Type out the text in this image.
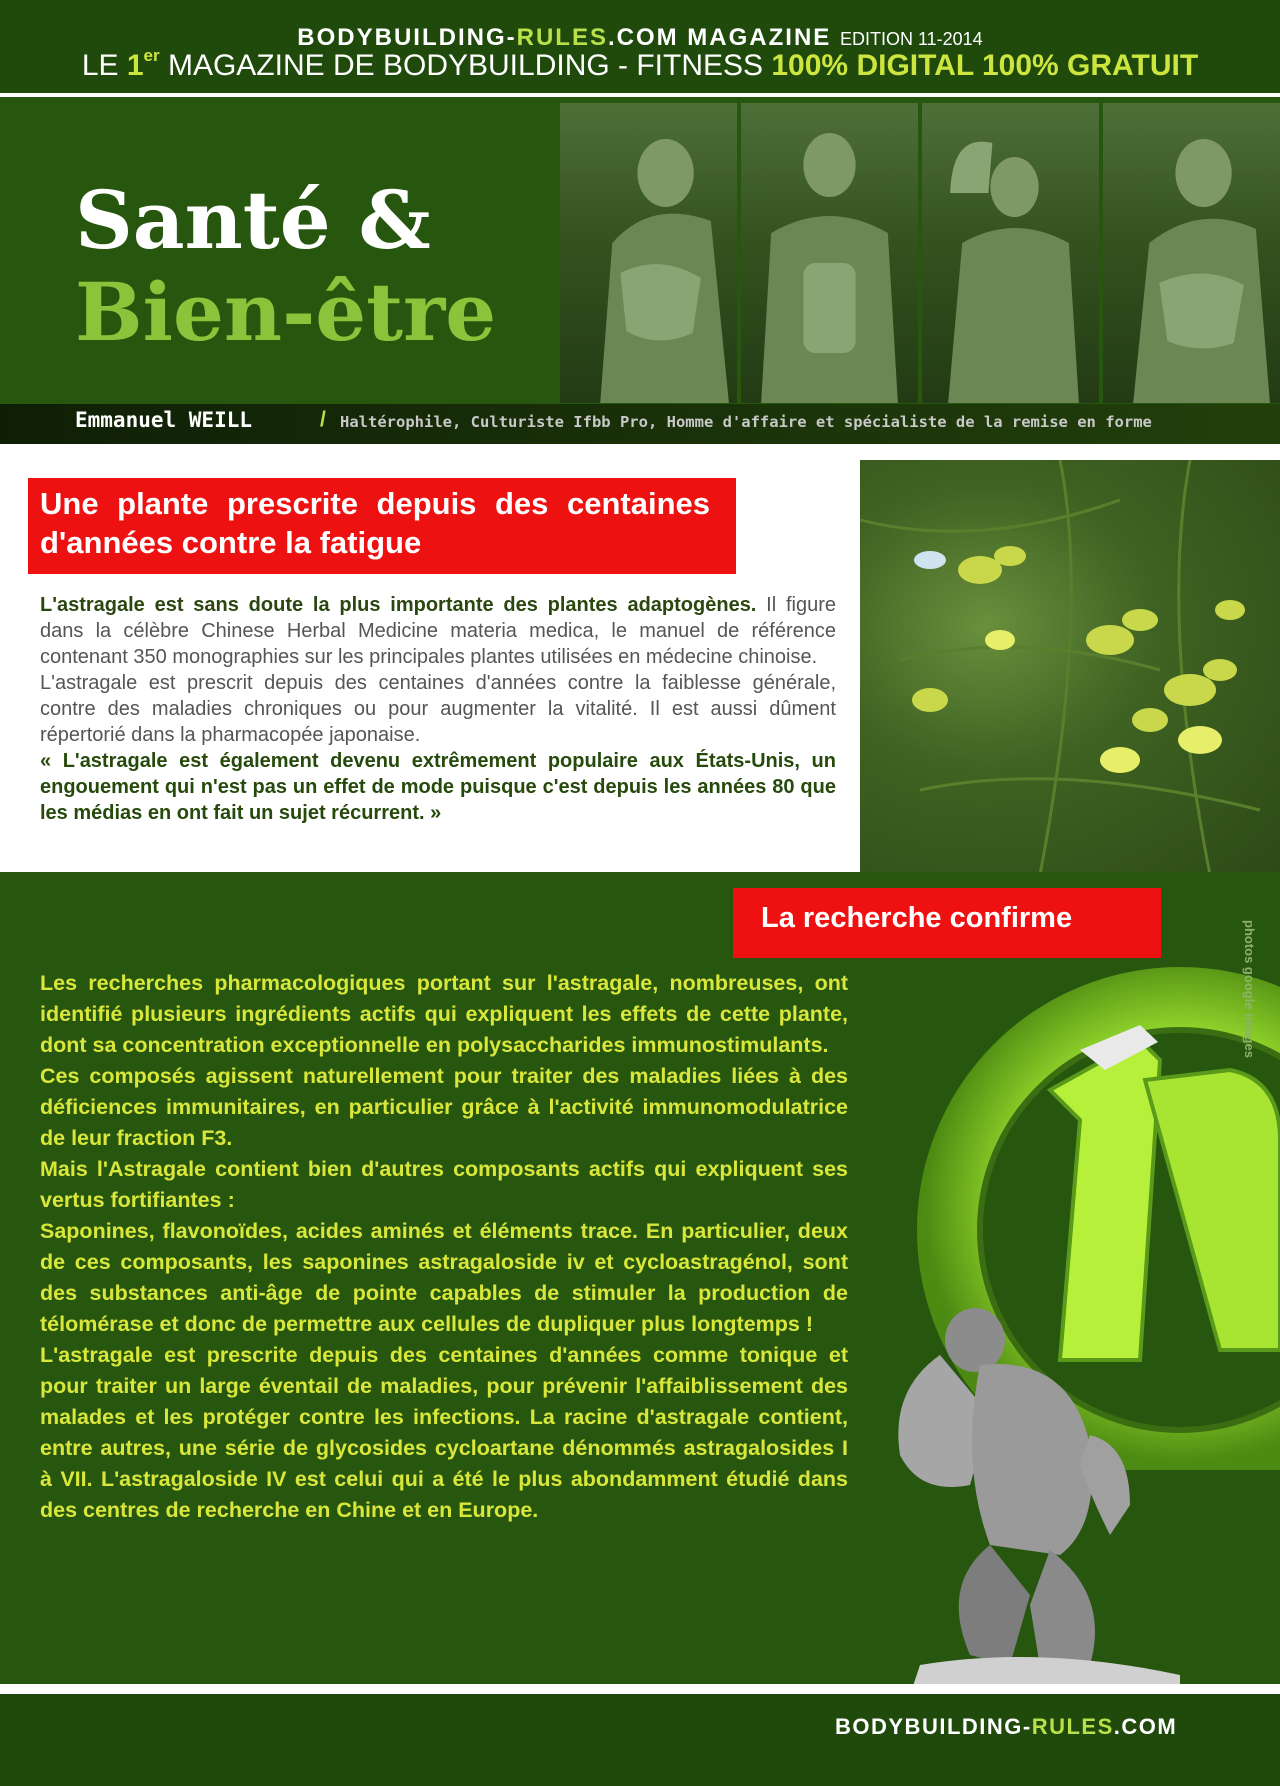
BODYBUILDING-RULES.COM MAGAZINE EDITION 11-2014
LE 1er MAGAZINE DE BODYBUILDING - FITNESS 100% DIGITAL 100% GRATUIT
Santé &
Bien-être
Emmanuel WEILL	/ Haltérophile, Culturiste Ifbb Pro, Homme d'affaire et spécialiste de la remise en forme
Une plante prescrite depuis des centaines d'années contre la fatigue

L'astragale est sans doute la plus importante des plantes adaptogènes. Il figure dans la célèbre Chinese Herbal Medicine materia medica, le manuel de référence contenant 350 monographies sur les principales plantes utilisées en médecine chinoise.

L'astragale est prescrit depuis des centaines d'années contre la faiblesse générale, contre des maladies chroniques ou pour augmenter la vitalité. Il est aussi dûment répertorié dans la pharmacopée japonaise.

« L'astragale est également devenu extrêmement populaire aux États-Unis, un engouement qui n'est pas un effet de mode puisque c'est depuis les années 80 que les médias en ont fait un sujet récurrent. »

photos google images
La recherche confirme

Les recherches pharmacologiques portant sur l'astragale, nombreuses, ont identifié plusieurs ingrédients actifs qui expliquent les effets de cette plante, dont sa concentration exceptionnelle en polysaccharides immunostimulants.

Ces composés agissent naturellement pour traiter des maladies liées à des déficiences immunitaires, en particulier grâce à l'activité immunomodulatrice de leur fraction F3.

Mais l'Astragale contient bien d'autres composants actifs qui expliquent ses vertus fortifiantes :

Saponines, flavonoïdes, acides aminés et éléments trace. En particulier, deux de ces composants, les saponines astragaloside iv et cycloastragénol, sont des substances anti-âge de pointe capables de stimuler la production de télomérase et donc de permettre aux cellules de dupliquer plus longtemps !

L'astragale est prescrite depuis des centaines d'années comme tonique et pour traiter un large éventail de maladies, pour prévenir l'affaiblissement des malades et les protéger contre les infections. La racine d'astragale contient, entre autres, une série de glycosides cycloartane dénommés astragalosides I à VII. L'astragaloside IV est celui qui a été le plus abondamment étudié dans des centres de recherche en Chine et en Europe.

BODYBUILDING-RULES.COM
